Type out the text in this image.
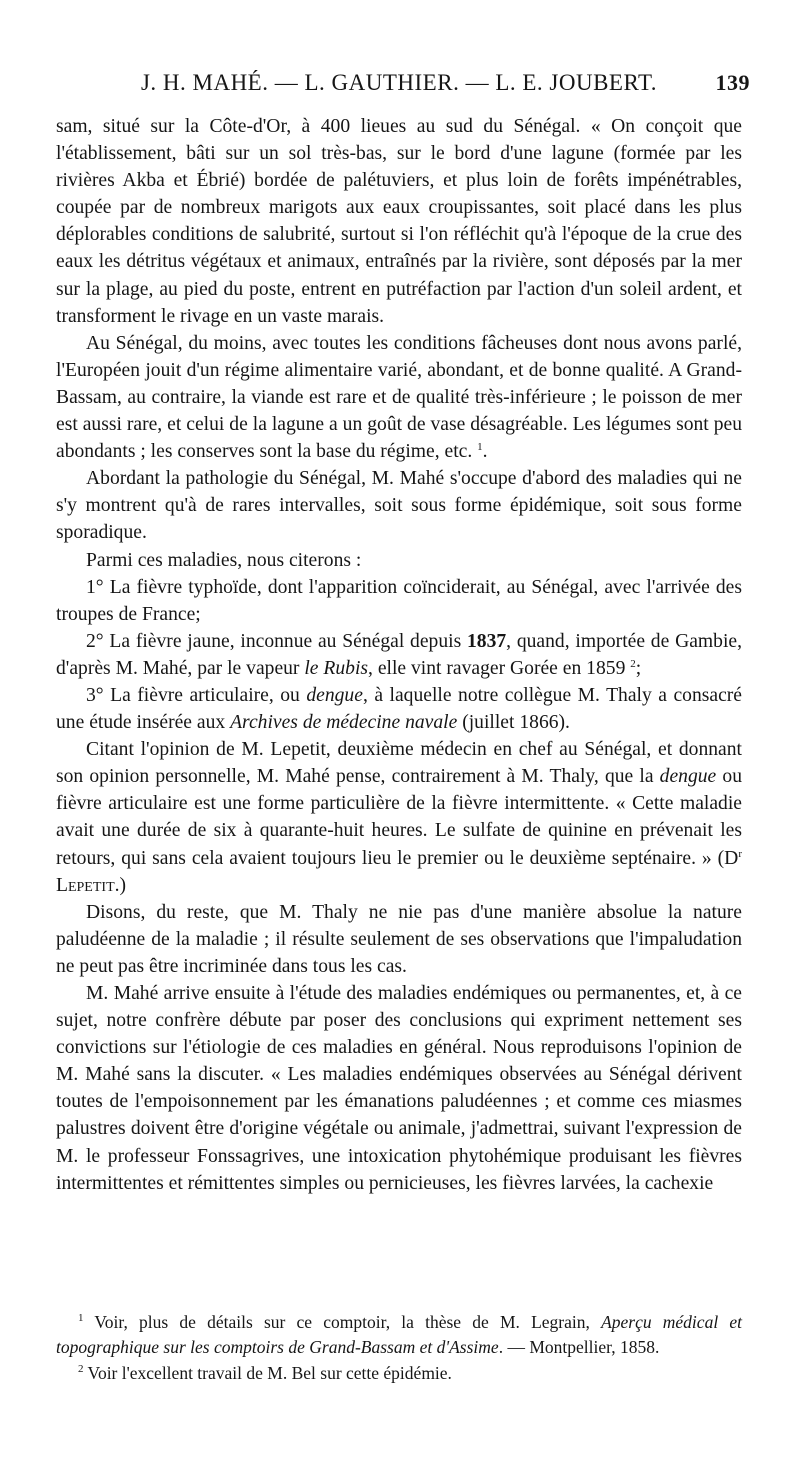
J. H. MAHÉ. — L. GAUTHIER. — L. E. JOUBERT.	139

sam, situé sur la Côte-d'Or, à 400 lieues au sud du Sénégal. « On conçoit que l'établissement, bâti sur un sol très-bas, sur le bord d'une lagune (formée par les rivières Akba et Ébrié) bordée de palétuviers, et plus loin de forêts impénétrables, coupée par de nombreux marigots aux eaux croupissantes, soit placé dans les plus déplorables conditions de salubrité, surtout si l'on réfléchit qu'à l'époque de la crue des eaux les détritus végétaux et animaux, entraînés par la rivière, sont déposés par la mer sur la plage, au pied du poste, entrent en putréfaction par l'action d'un soleil ardent, et transforment le rivage en un vaste marais.

Au Sénégal, du moins, avec toutes les conditions fâcheuses dont nous avons parlé, l'Européen jouit d'un régime alimentaire varié, abondant, et de bonne qualité. A Grand-Bassam, au contraire, la viande est rare et de qualité très-inférieure ; le poisson de mer est aussi rare, et celui de la lagune a un goût de vase désagréable. Les légumes sont peu abondants ; les conserves sont la base du régime, etc. $^1$.

Abordant la pathologie du Sénégal, M. Mahé s'occupe d'abord des maladies qui ne s'y montrent qu'à de rares intervalles, soit sous forme épidémique, soit sous forme sporadique.

Parmi ces maladies, nous citerons :

1° La fièvre typhoïde, dont l'apparition coïnciderait, au Sénégal, avec l'arrivée des troupes de France;

2° La fièvre jaune, inconnue au Sénégal depuis 1837, quand, importée de Gambie, d'après M. Mahé, par le vapeur le Rubis, elle vint ravager Gorée en 1859 $^2$;

3° La fièvre articulaire, ou dengue, à laquelle notre collègue M. Thaly a consacré une étude insérée aux Archives de médecine navale (juillet 1866).

Citant l'opinion de M. Lepetit, deuxième médecin en chef au Sénégal, et donnant son opinion personnelle, M. Mahé pense, contrairement à M. Thaly, que la dengue ou fièvre articulaire est une forme particulière de la fièvre intermittente. « Cette maladie avait une durée de six à quarante-huit heures. Le sulfate de quinine en prévenait les retours, qui sans cela avaient toujours lieu le premier ou le deuxième septénaire. » ($D^r$ Lepetit.)

Disons, du reste, que M. Thaly ne nie pas d'une manière absolue la nature paludéenne de la maladie ; il résulte seulement de ses observations que l'impaludation ne peut pas être incriminée dans tous les cas.

M. Mahé arrive ensuite à l'étude des maladies endémiques ou permanentes, et, à ce sujet, notre confrère débute par poser des conclusions qui expriment nettement ses convictions sur l'étiologie de ces maladies en général. Nous reproduisons l'opinion de M. Mahé sans la discuter. « Les maladies endémiques observées au Sénégal dérivent toutes de l'empoisonnement par les émanations paludéennes ; et comme ces miasmes palustres doivent être d'origine végétale ou animale, j'admettrai, suivant l'expression de M. le professeur Fonssagrives, une intoxication phytohémique produisant les fièvres intermittentes et rémittentes simples ou pernicieuses, les fièvres larvées, la cachexie

$^1$ Voir, plus de détails sur ce comptoir, la thèse de M. Legrain, Aperçu médical et topographique sur les comptoirs de Grand-Bassam et d'Assime. — Montpellier, 1858.

$^2$ Voir l'excellent travail de M. Bel sur cette épidémie.
